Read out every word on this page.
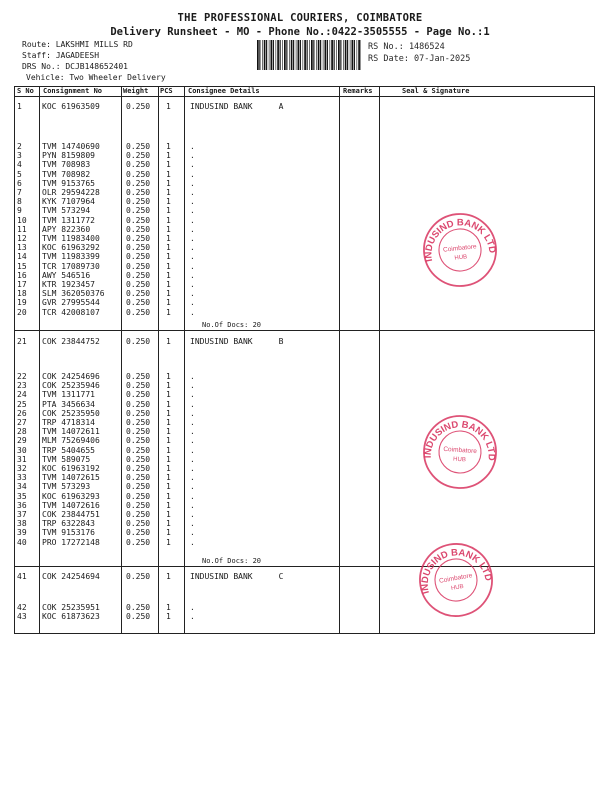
THE PROFESSIONAL COURIERS, COIMBATORE
Delivery Runsheet - MO - Phone No.:0422-3505555 - Page No.:1
Route: LAKSHMI MILLS RD
Staff: JAGADEESH
DRS No.: DCJB148652401
Vehicle: Two Wheeler Delivery
RS No.: 1486524
RS Date: 07-Jan-2025
S No Consignment No	Weight PCS Consignee Details	Remarks	Seal & Signature
1	KOC 61963509	0.250 1 INDUSIND BANK	A
2	TVM 14740690	0.250 1 .
3	PYN 8159809	0.250 1 .
4	TVM 708983	0.250 1 .
5	TVM 708982	0.250 1 .
6	TVM 9153765	0.250 1 .
7	OLR 29594228	0.250 1 .
8	KYK 7107964	0.250 1 .
9	TVM 573294	0.250 1 .
10 TVM 1311772	0.250 1 .
11 APY 822360	0.250 1 .
12 TVM 11983400	0.250 1 .
13 KOC 61963292	0.250 1 .
14 TVM 11983399	0.250 1 .
15 TCR 17089730	0.250 1 .
16 AWY 546516	0.250 1 .
17 KTR 1923457	0.250 1 .
18 SLM 362050376	0.250 1 .
19 GVR 27995544	0.250 1 .
20 TCR 42008107	0.250 1 .
No.Of Docs: 20
21 COK 23844752	0.250 1 INDUSIND BANK	B
22 COK 24254696	0.250 1 .
23 COK 25235946	0.250 1 .
24 TVM 1311771	0.250 1 .
25 PTA 3456634	0.250 1 .
26 COK 25235950	0.250 1 .
27 TRP 4718314	0.250 1 .
28 TVM 14072611	0.250 1 .
29 MLM 75269406	0.250 1 .
30 TRP 5404655	0.250 1 .
31 TVM 589075	0.250 1 .
32 KOC 61963192	0.250 1 .
33 TVM 14072615	0.250 1 .
34 TVM 573293	0.250 1 .
35 KOC 61963293	0.250 1 .
36 TVM 14072616	0.250 1 .
37 COK 23844751	0.250 1 .
38 TRP 6322843	0.250 1 .
39 TVM 9153176	0.250 1 .
40 PRO 17272148	0.250 1 .
No.Of Docs: 20
41 COK 24254694	0.250 1 INDUSIND BANK	C
42 COK 25235951	0.250 1 .
43 KOC 61873623	0.250 1 .
INDUSIND BANK LTD
Coimbatore
HUB
INDUSIND BANK LTD
Coimbatore
HUB
INDUSIND BANK LTD
Coimbatore
HUB
